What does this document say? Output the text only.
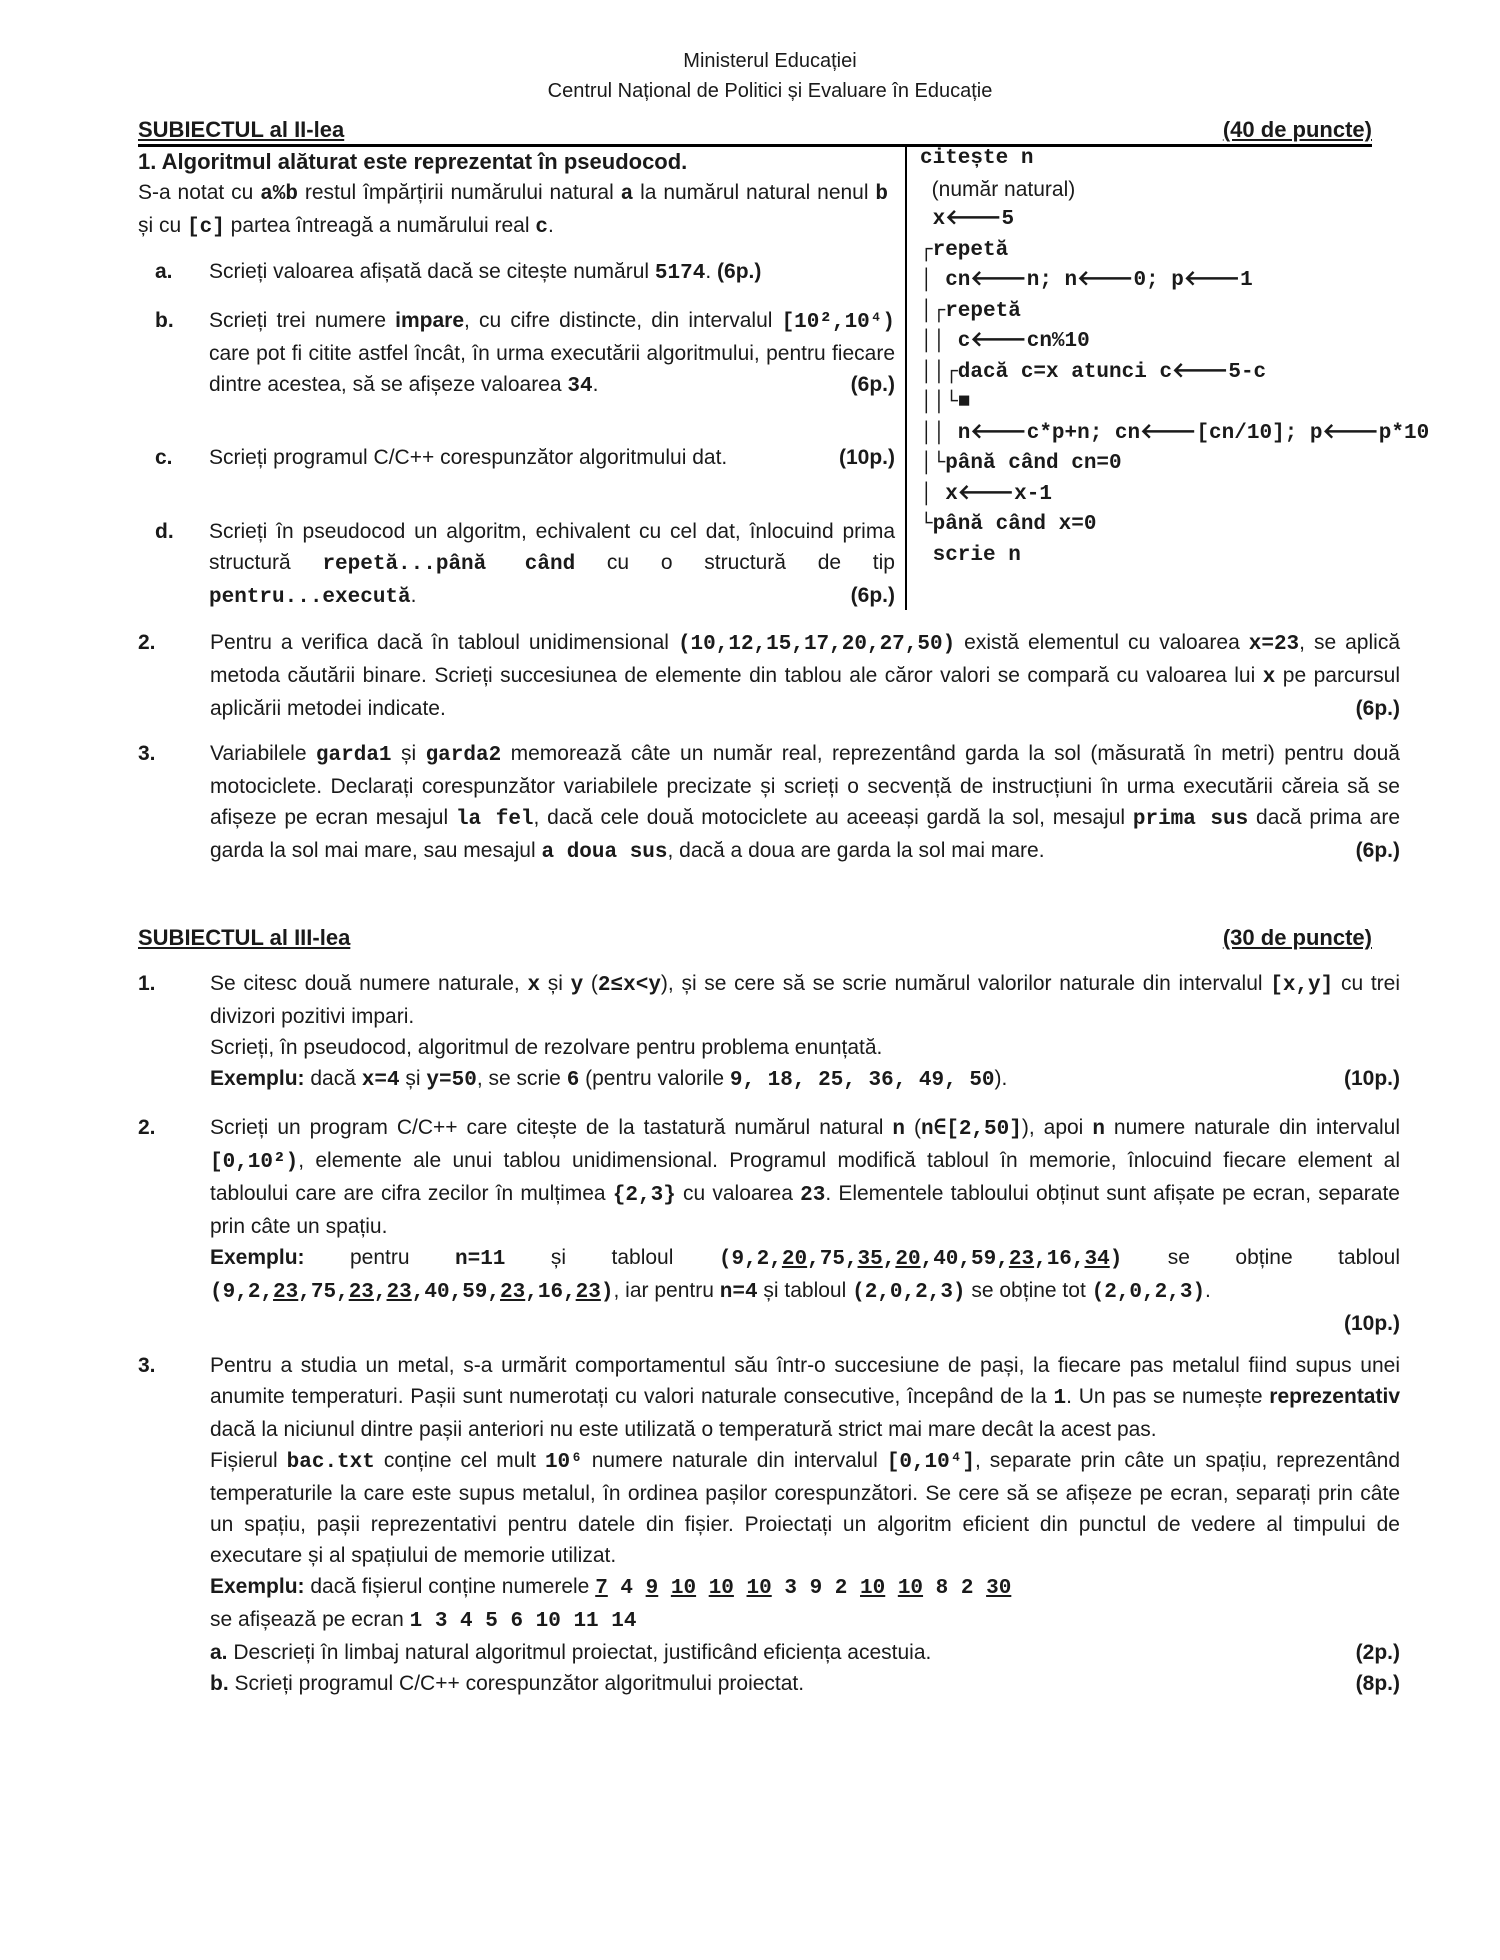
Ministerul Educației
Centrul Național de Politici și Evaluare în Educație
SUBIECTUL al II-lea	(40 de puncte)
1. Algoritmul alăturat este reprezentat în pseudocod.
S-a notat cu a%b restul împărțirii numărului natural a la numărul natural nenul b și cu [c] partea întreagă a numărului real c.
a. Scrieți valoarea afișată dacă se citește numărul 5174. (6p.)
b. Scrieți trei numere impare, cu cifre distincte, din intervalul [10²,10⁴) care pot fi citite astfel încât, în urma executării algoritmului, pentru fiecare dintre acestea, să se afișeze valoarea 34.	(6p.)
c. Scrieți programul C/C++ corespunzător algoritmului dat.	(10p.)
d. Scrieți în pseudocod un algoritm, echivalent cu cel dat, înlocuind prima structură repetă...până când cu o structură de tip pentru...execută.	(6p.)
citește n
(număr natural)
x🡐5
┌repetă
│ cn🡐n; n🡐0; p🡐1
│┌repetă
││ c🡐cn%10
││┌dacă c=x atunci c🡐5-c
││└■
││ n🡐c*p+n; cn🡐[cn/10]; p🡐p*10
│└până când cn=0
│ x🡐x-1
└până când x=0
scrie n
2.	Pentru a verifica dacă în tabloul unidimensional (10,12,15,17,20,27,50) există elementul cu valoarea x=23, se aplică metoda căutării binare. Scrieți succesiunea de elemente din tablou ale căror valori se compară cu valoarea lui x pe parcursul aplicării metodei indicate.	(6p.)
3.	Variabilele garda1 și garda2 memorează câte un număr real, reprezentând garda la sol (măsurată în metri) pentru două motociclete. Declarați corespunzător variabilele precizate și scrieți o secvență de instrucțiuni în urma executării căreia să se afișeze pe ecran mesajul la fel, dacă cele două motociclete au aceeași gardă la sol, mesajul prima sus dacă prima are garda la sol mai mare, sau mesajul a doua sus, dacă a doua are garda la sol mai mare.	(6p.)
SUBIECTUL al III-lea	(30 de puncte)
1.	Se citesc două numere naturale, x și y (2≤x<y), și se cere să se scrie numărul valorilor naturale din intervalul [x,y] cu trei divizori pozitivi impari.
Scrieți, în pseudocod, algoritmul de rezolvare pentru problema enunțată.
Exemplu: dacă x=4 și y=50, se scrie 6 (pentru valorile 9, 18, 25, 36, 49, 50).	(10p.)
2.	Scrieți un program C/C++ care citește de la tastatură numărul natural n (n∈[2,50]), apoi n numere naturale din intervalul [0,10²), elemente ale unui tablou unidimensional. Programul modifică tabloul în memorie, înlocuind fiecare element al tabloului care are cifra zecilor în mulțimea {2,3} cu valoarea 23. Elementele tabloului obținut sunt afișate pe ecran, separate prin câte un spațiu.
Exemplu: pentru n=11 și tabloul (9,2,20,75,35,20,40,59,23,16,34) se obține tabloul (9,2,23,75,23,23,40,59,23,16,23), iar pentru n=4 și tabloul (2,0,2,3) se obține tot (2,0,2,3).
(10p.)
3.	Pentru a studia un metal, s-a urmărit comportamentul său într-o succesiune de pași, la fiecare pas metalul fiind supus unei anumite temperaturi. Pașii sunt numerotați cu valori naturale consecutive, începând de la 1. Un pas se numește reprezentativ dacă la niciunul dintre pașii anteriori nu este utilizată o temperatură strict mai mare decât la acest pas.
Fișierul bac.txt conține cel mult 10⁶ numere naturale din intervalul [0,10⁴], separate prin câte un spațiu, reprezentând temperaturile la care este supus metalul, în ordinea pașilor corespunzători. Se cere să se afișeze pe ecran, separați prin câte un spațiu, pașii reprezentativi pentru datele din fișier. Proiectați un algoritm eficient din punctul de vedere al timpului de executare și al spațiului de memorie utilizat.
Exemplu: dacă fișierul conține numerele 7 4 9 10 10 10 3 9 2 10 10 8 2 30
se afișează pe ecran 1 3 4 5 6 10 11 14
a. Descrieți în limbaj natural algoritmul proiectat, justificând eficiența acestuia.	(2p.)
b. Scrieți programul C/C++ corespunzător algoritmului proiectat.	(8p.)
